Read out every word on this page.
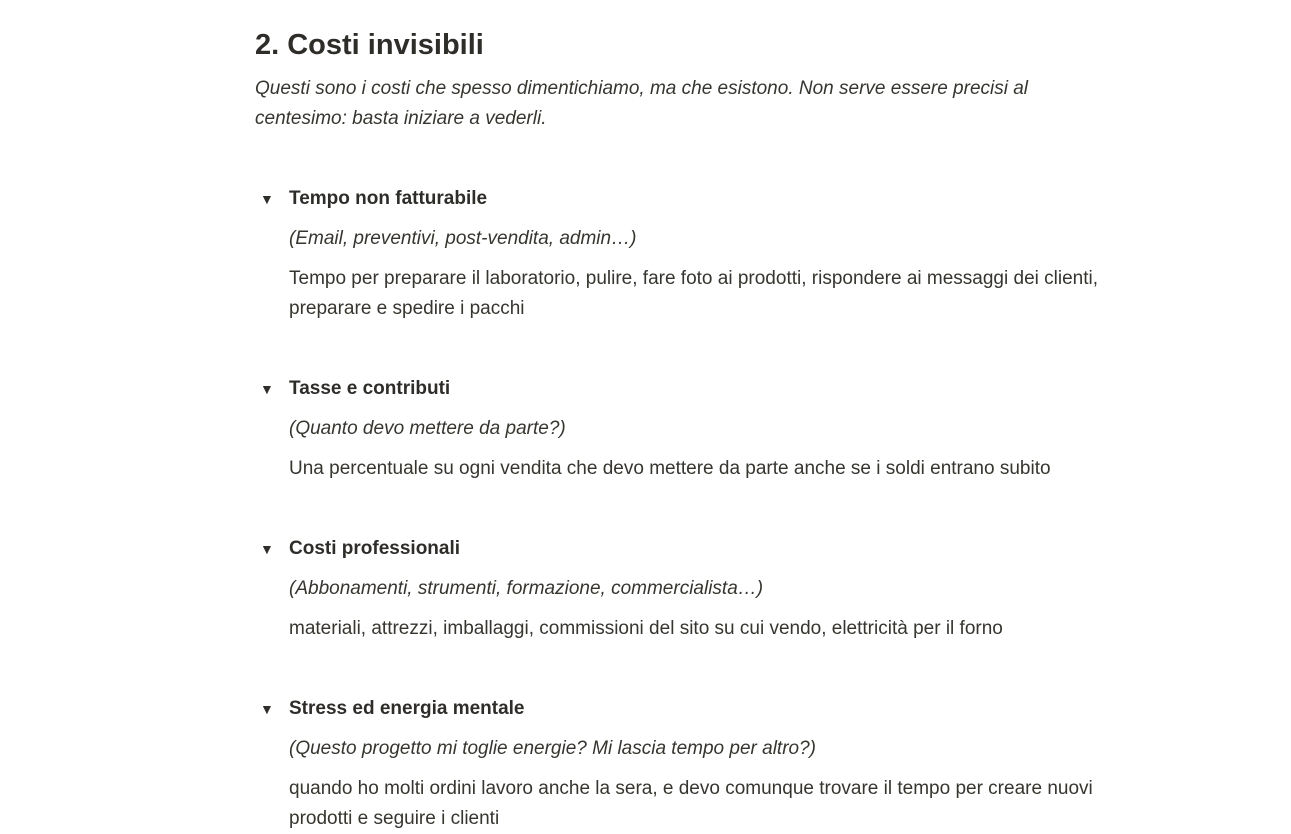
2. Costi invisibili

Questi sono i costi che spesso dimentichiamo, ma che esistono. Non serve essere precisi al centesimo: basta iniziare a vederli.

▼ Tempo non fatturabile

(Email, preventivi, post-vendita, admin…)

Tempo per preparare il laboratorio, pulire, fare foto ai prodotti, rispondere ai messaggi dei clienti, preparare e spedire i pacchi

▼ Tasse e contributi

(Quanto devo mettere da parte?)

Una percentuale su ogni vendita che devo mettere da parte anche se i soldi entrano subito

▼ Costi professionali

(Abbonamenti, strumenti, formazione, commercialista…)

materiali, attrezzi, imballaggi, commissioni del sito su cui vendo, elettricità per il forno

▼ Stress ed energia mentale

(Questo progetto mi toglie energie? Mi lascia tempo per altro?)

quando ho molti ordini lavoro anche la sera, e devo comunque trovare il tempo per creare nuovi prodotti e seguire i clienti
